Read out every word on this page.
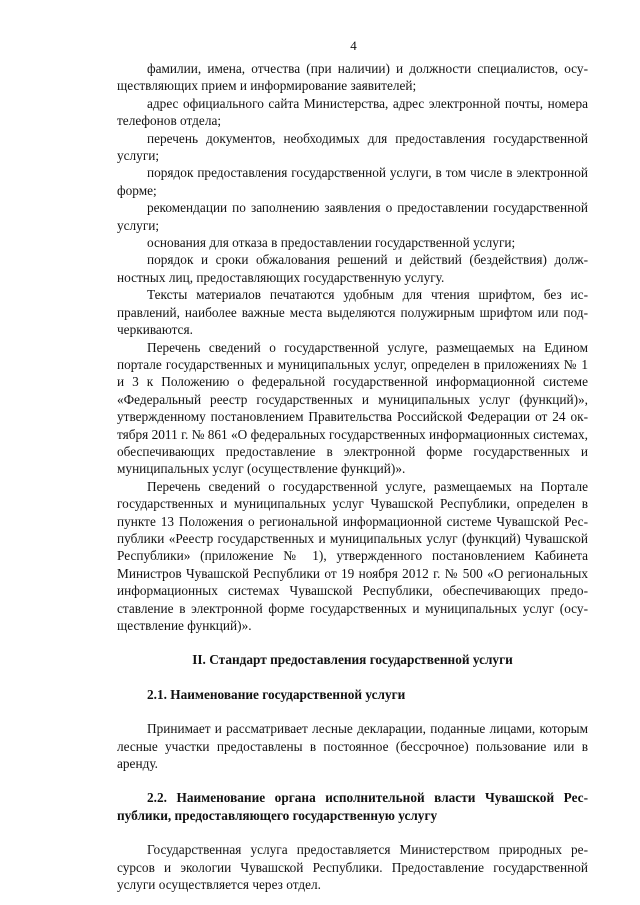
4

фамилии, имена, отчества (при наличии) и должности специалистов, осуществляющих прием и информирование заявителей;

адрес официального сайта Министерства, адрес электронной почты, номера телефонов отдела;

перечень документов, необходимых для предоставления государственной услуги;

порядок предоставления государственной услуги, в том числе в электронной форме;

рекомендации по заполнению заявления о предоставлении государственной услуги;

основания для отказа в предоставлении государственной услуги;

порядок и сроки обжалования решений и действий (бездействия) должностных лиц, предоставляющих государственную услугу.

Тексты материалов печатаются удобным для чтения шрифтом, без исправлений, наиболее важные места выделяются полужирным шрифтом или подчеркиваются.

Перечень сведений о государственной услуге, размещаемых на Едином портале государственных и муниципальных услуг, определен в приложениях № 1 и 3 к Положению о федеральной государственной информационной системе «Федеральный реестр государственных и муниципальных услуг (функций)», утвержденному постановлением Правительства Российской Федерации от 24 октября 2011 г. № 861 «О федеральных государственных информационных системах, обеспечивающих предоставление в электронной форме государственных и муниципальных услуг (осуществление функций)».

Перечень сведений о государственной услуге, размещаемых на Портале государственных и муниципальных услуг Чувашской Республики, определен в пункте 13 Положения о региональной информационной системе Чувашской Республики «Реестр государственных и муниципальных услуг (функций) Чувашской Республики» (приложение № 1), утвержденного постановлением Кабинета Министров Чувашской Республики от 19 ноября 2012 г. № 500 «О региональных информационных системах Чувашской Республики, обеспечивающих предоставление в электронной форме государственных и муниципальных услуг (осуществление функций)».

II. Стандарт предоставления государственной услуги

2.1. Наименование государственной услуги

Принимает и рассматривает лесные декларации, поданные лицами, которым лесные участки предоставлены в постоянное (бессрочное) пользование или в аренду.

2.2. Наименование органа исполнительной власти Чувашской Республики, предоставляющего государственную услугу

Государственная услуга предоставляется Министерством природных ресурсов и экологии Чувашской Республики. Предоставление государственной услуги осуществляется через отдел.
